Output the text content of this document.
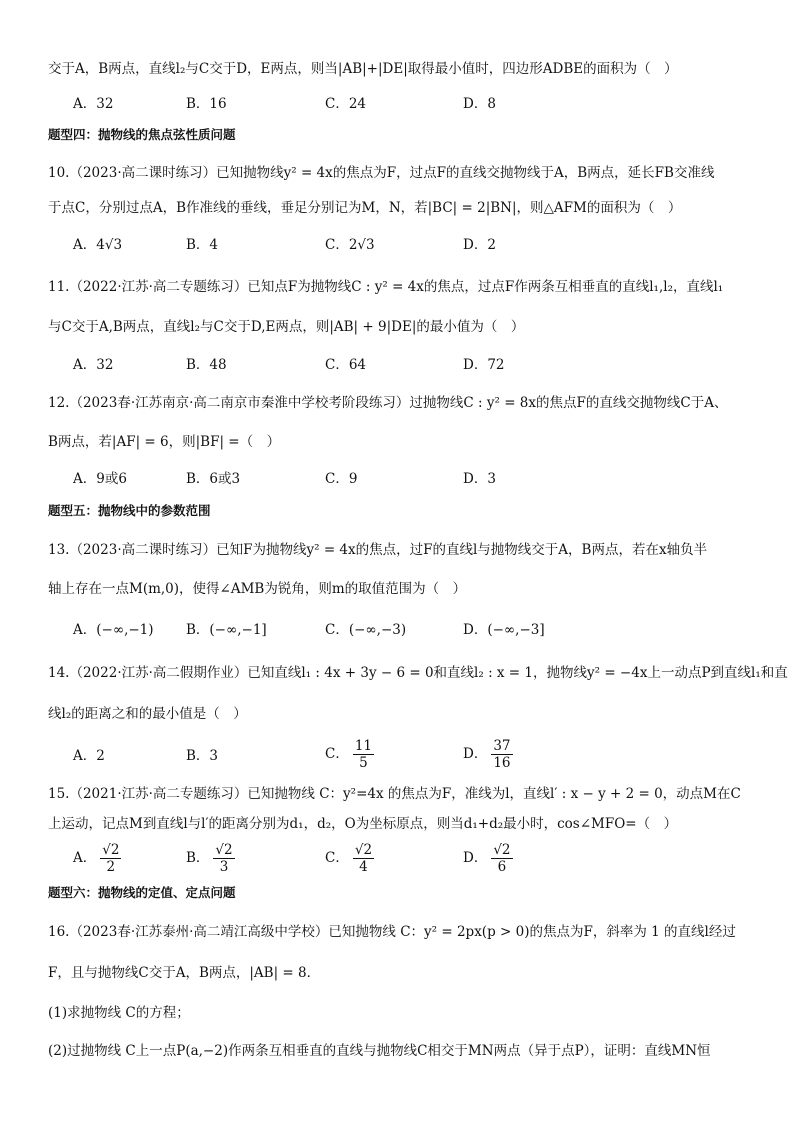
交于A，B两点，直线l₂与C交于D，E两点，则当|AB|+|DE|取得最小值时，四边形ADBE的面积为（　）
A．32	B．16	C．24	D．8
题型四：抛物线的焦点弦性质问题
10.（2023·高二课时练习）已知抛物线y² = 4x的焦点为F，过点F的直线交抛物线于A，B两点，延长FB交准线
于点C，分别过点A，B作准线的垂线，垂足分别记为M，N，若|BC| = 2|BN|，则△AFM的面积为（　）
A．4√3	B．4	C．2√3	D．2
11.（2022·江苏·高二专题练习）已知点F为抛物线C : y² = 4x的焦点，过点F作两条互相垂直的直线l₁,l₂，直线l₁
与C交于A,B两点，直线l₂与C交于D,E两点，则|AB| + 9|DE|的最小值为（　）
A．32	B．48	C．64	D．72
12.（2023春·江苏南京·高二南京市秦淮中学校考阶段练习）过抛物线C : y² = 8x的焦点F的直线交抛物线C于A、
B两点，若|AF| = 6，则|BF| =（　）
A．9或6	B．6或3	C．9	D．3
题型五：抛物线中的参数范围
13.（2023·高二课时练习）已知F为抛物线y² = 4x的焦点，过F的直线l与抛物线交于A，B两点，若在x轴负半
轴上存在一点M(m,0)，使得∠AMB为锐角，则m的取值范围为（　）
A．(−∞,−1) B．(−∞,−1]	C．(−∞,−3)	D．(−∞,−3]
14.（2022·江苏·高二假期作业）已知直线l₁ : 4x + 3y − 6 = 0和直线l₂ : x = 1，抛物线y² = −4x上一动点P到直线l₁和直
线l₂的距离之和的最小值是（　）
A．2	B．3	C． $\frac{11}{5}$	D． $\frac{37}{16}$
15.（2021·江苏·高二专题练习）已知抛物线 C：y²=4x 的焦点为F，准线为l，直线l′ : x − y + 2 = 0，动点M在C
上运动，记点M到直线l与l′的距离分别为d₁，d₂，O为坐标原点，则当d₁+d₂最小时，cos∠MFO=（　）
A． $\frac{√2}{2}$	B． $\frac{√2}{3}$	C． $\frac{√2}{4}$	D． $\frac{√2}{6}$
题型六：抛物线的定值、定点问题
16.（2023春·江苏泰州·高二靖江高级中学校）已知抛物线 C：y² = 2px(p > 0)的焦点为F，斜率为 1 的直线l经过
F，且与抛物线C交于A，B两点，|AB| = 8．
(1)求抛物线 C的方程；
(2)过抛物线 C上一点P(a,−2)作两条互相垂直的直线与抛物线C相交于MN两点（异于点P），证明：直线MN恒
